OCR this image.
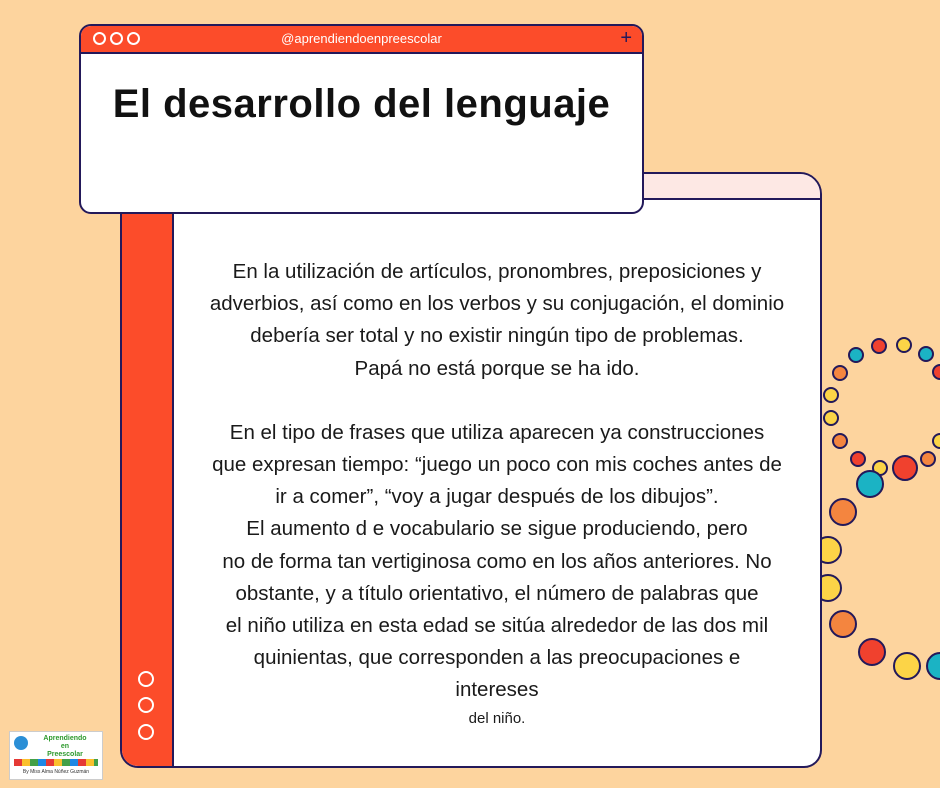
En la utilización de artículos, pronombres, preposiciones y

adverbios, así como en los verbos y su conjugación, el dominio

debería ser total y no existir ningún tipo de problemas.

Papá no está porque se ha ido.

En el tipo de frases que utiliza aparecen ya construcciones

que expresan tiempo: “juego un poco con mis coches antes de

ir a comer”, “voy a jugar después de los dibujos”.

El aumento d e vocabulario se sigue produciendo, pero

no de forma tan vertiginosa como en los años anteriores. No

obstante, y a título orientativo, el número de palabras que

el niño utiliza en esta edad se sitúa alrededor de las dos mil

quinientas, que corresponden a las preocupaciones e

intereses

del niño.

@aprendiendoenpreescolar	+
El desarrollo del lenguaje
Aprendiendo
en
Preescolar
By Miss Alma Núñez Guzmán
